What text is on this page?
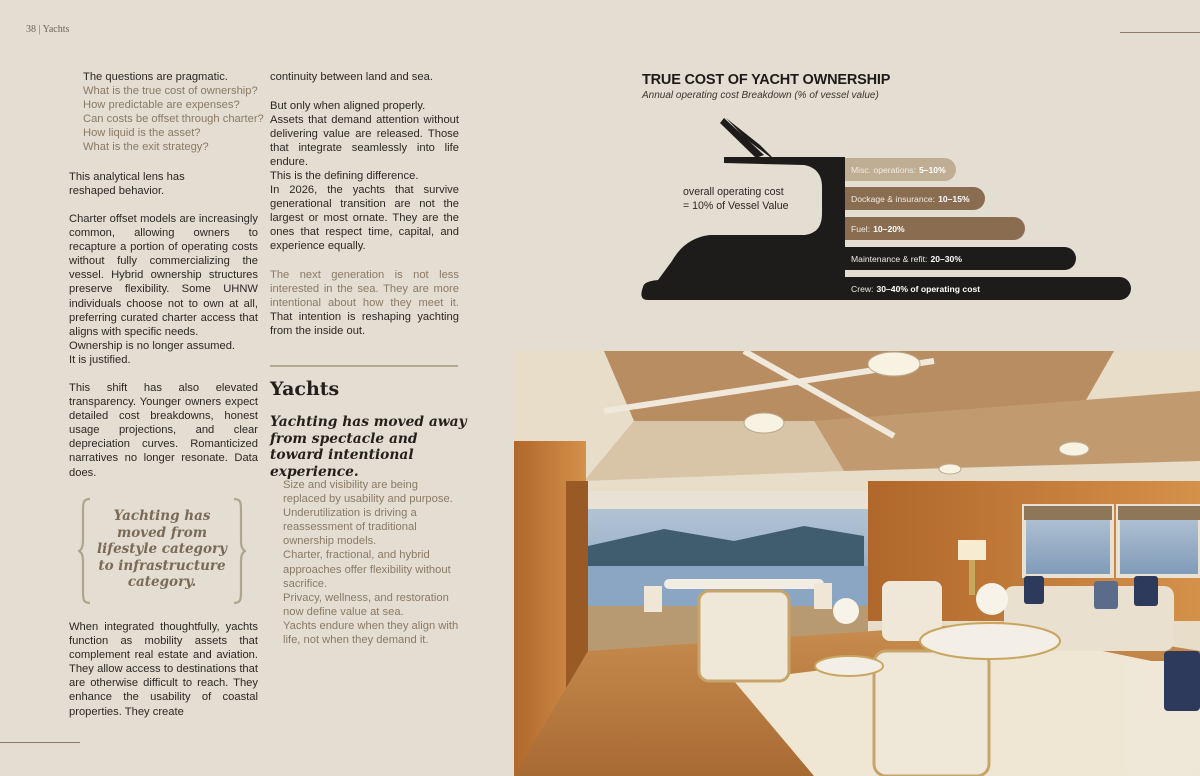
38 | Yachts
The questions are pragmatic.
What is the true cost of ownership?
How predictable are expenses?
Can costs be offset through charter?
How liquid is the asset?
What is the exit strategy?

This analytical lens has reshaped behavior.

Charter offset models are increasingly common, allowing owners to recapture a portion of operating costs without fully commercializing the vessel. Hybrid ownership structures preserve flexibility. Some UHNW individuals choose not to own at all, preferring curated charter access that aligns with specific needs.

Ownership is no longer assumed.
It is justified.

This shift has also elevated transparency. Younger owners expect detailed cost breakdowns, honest usage projections, and clear depreciation curves. Romanticized narratives no longer resonate. Data does.

Yachting has moved from lifestyle category to infrastructure category.

When integrated thoughtfully, yachts function as mobility assets that complement real estate and aviation. They allow access to destinations that are otherwise difficult to reach. They enhance the usability of coastal properties. They create

continuity between land and sea.

But only when aligned properly.
Assets that demand attention without delivering value are released. Those that integrate seamlessly into life endure.
This is the defining difference.

In 2026, the yachts that survive generational transition are not the largest or most ornate. They are the ones that respect time, capital, and experience equally.

The next generation is not less interested in the sea. They are more intentional about how they meet it. That intention is reshaping yachting from the inside out.

Yachts
Yachting has moved away from spectacle and toward intentional experience.
Size and visibility are being replaced by usability and purpose.
Underutilization is driving a reassessment of traditional ownership models.
Charter, fractional, and hybrid approaches offer flexibility without sacrifice.
Privacy, wellness, and restoration now define value at sea.
Yachts endure when they align with life, not when they demand it.
TRUE COST OF YACHT OWNERSHIP
Annual operating cost Breakdown (% of vessel value)
overall operating cost
= 10% of Vessel Value
Misc. operations: 5–10%
Dockage & insurance: 10–15%
Fuel: 10–20%
Maintenance & refit: 20–30%
Crew: 30–40% of operating cost
